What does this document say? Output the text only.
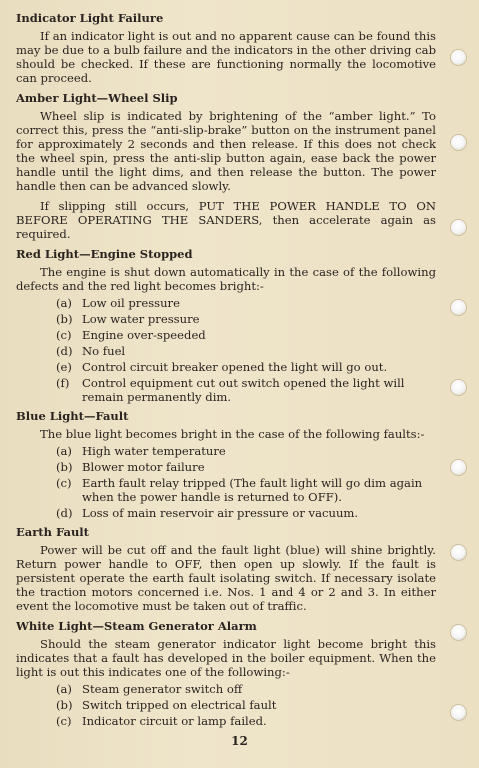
Indicator Light Failure

If an indicator light is out and no apparent cause can be found this may be due to a bulb failure and the indicators in the other driving cab should be checked. If these are functioning normally the locomotive can proceed.

Amber Light—Wheel Slip

Wheel slip is indicated by brightening of the “amber light.” To correct this, press the “anti-slip-brake” button on the instrument panel for approximately 2 seconds and then release. If this does not check the wheel spin, press the anti-slip button again, ease back the power handle until the light dims, and then release the button. The power handle then can be advanced slowly.

If slipping still occurs, PUT THE POWER HANDLE TO ON BEFORE OPERATING THE SANDERS, then accelerate again as required.

Red Light—Engine Stopped

The engine is shut down automatically in the case of the following defects and the red light becomes bright:-

(a) Low oil pressure
(b) Low water pressure
(c) Engine over-speeded
(d) No fuel
(e) Control circuit breaker opened the light will go out.
(f)	Control equipment cut out switch opened the light will remain permanently dim.
Blue Light—Fault

The blue light becomes bright in the case of the following faults:-

(a) High water temperature
(b) Blower motor failure
(c) Earth fault relay tripped (The fault light will go dim again when the power handle is returned to OFF).
(d) Loss of main reservoir air pressure or vacuum.
Earth Fault

Power will be cut off and the fault light (blue) will shine brightly. Return power handle to OFF, then open up slowly. If the fault is persistent operate the earth fault isolating switch. If necessary isolate the traction motors concerned i.e. Nos. 1 and 4 or 2 and 3. In either event the locomotive must be taken out of traffic.

White Light—Steam Generator Alarm

Should the steam generator indicator light become bright this indicates that a fault has developed in the boiler equipment. When the light is out this indicates one of the following:-

(a) Steam generator switch off
(b) Switch tripped on electrical fault
(c) Indicator circuit or lamp failed.
12
